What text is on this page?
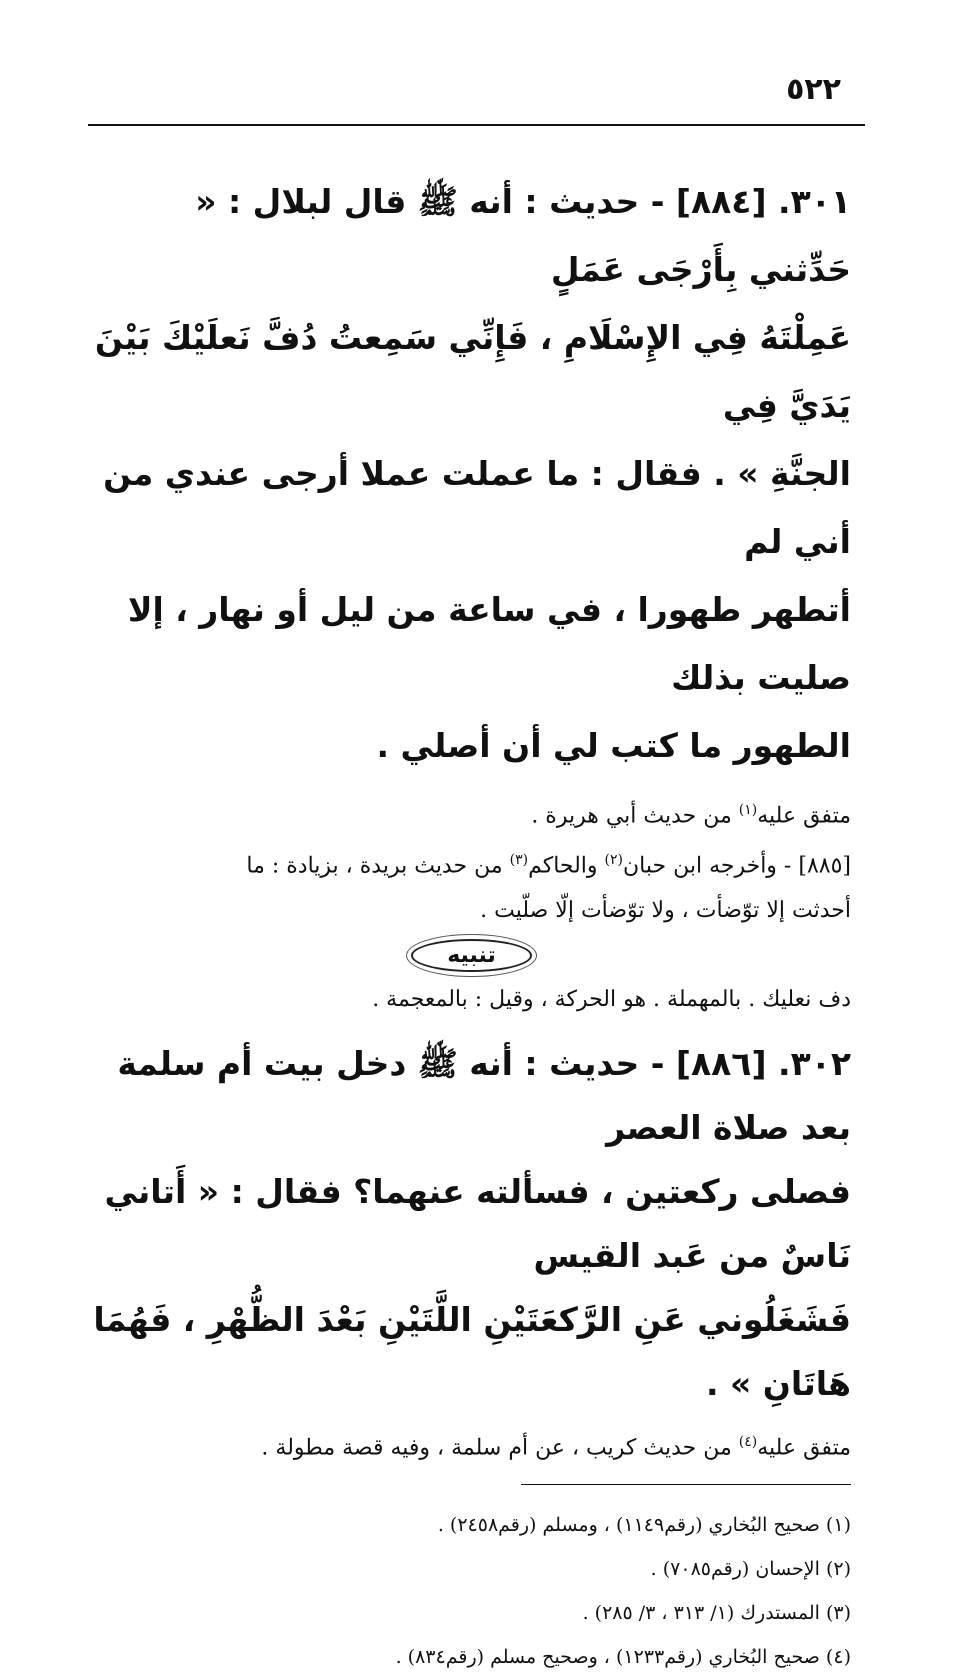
٥٢٢
٣٠١. [٨٨٤] - حديث : أنه ﷺ قال لبلال : « حَدِّثني بِأَرْجَى عَمَلٍ
عَمِلْتَهُ فِي الإِسْلَامِ ، فَإِنِّي سَمِعتُ دُفَّ نَعلَيْكَ بَيْنَ يَدَيَّ فِي
الجنَّةِ » . فقال : ما عملت عملا أرجى عندي من أني لم
أتطهر طهورا ، في ساعة من ليل أو نهار ، إلا صليت بذلك
الطهور ما كتب لي أن أصلي .

متفق عليه$^{(١)}$ من حديث أبي هريرة .

[٨٨٥] - وأخرجه ابن حبان$^{(٢)}$ والحاكم$^{(٣)}$ من حديث بريدة ، بزيادة : ما

أحدثت إلا توّضأت ، ولا توّضأت إلّا صلّيت .

تنبيه

دف نعليك . بالمهملة . هو الحركة ، وقيل : بالمعجمة .

٣٠٢. [٨٨٦] - حديث : أنه ﷺ دخل بيت أم سلمة بعد صلاة العصر
فصلى ركعتين ، فسألته عنهما؟ فقال : « أَتاني نَاسٌ من عَبد القيس
فَشَغَلُوني عَنِ الرَّكعَتَيْنِ اللَّتَيْنِ بَعْدَ الظُّهْرِ ، فَهُمَا هَاتَانِ » .

متفق عليه$^{(٤)}$ من حديث كريب ، عن أم سلمة ، وفيه قصة مطولة .

(١) صحيح البُخاري (رقم١١٤٩) ، ومسلم (رقم٢٤٥٨) .
(٢) الإحسان (رقم٧٠٨٥) .
(٣) المستدرك (١/ ٣١٣ ، ٣/ ٢٨٥) .
(٤) صحيح البُخاري (رقم١٢٣٣) ، وصحيح مسلم (رقم٨٣٤) .
